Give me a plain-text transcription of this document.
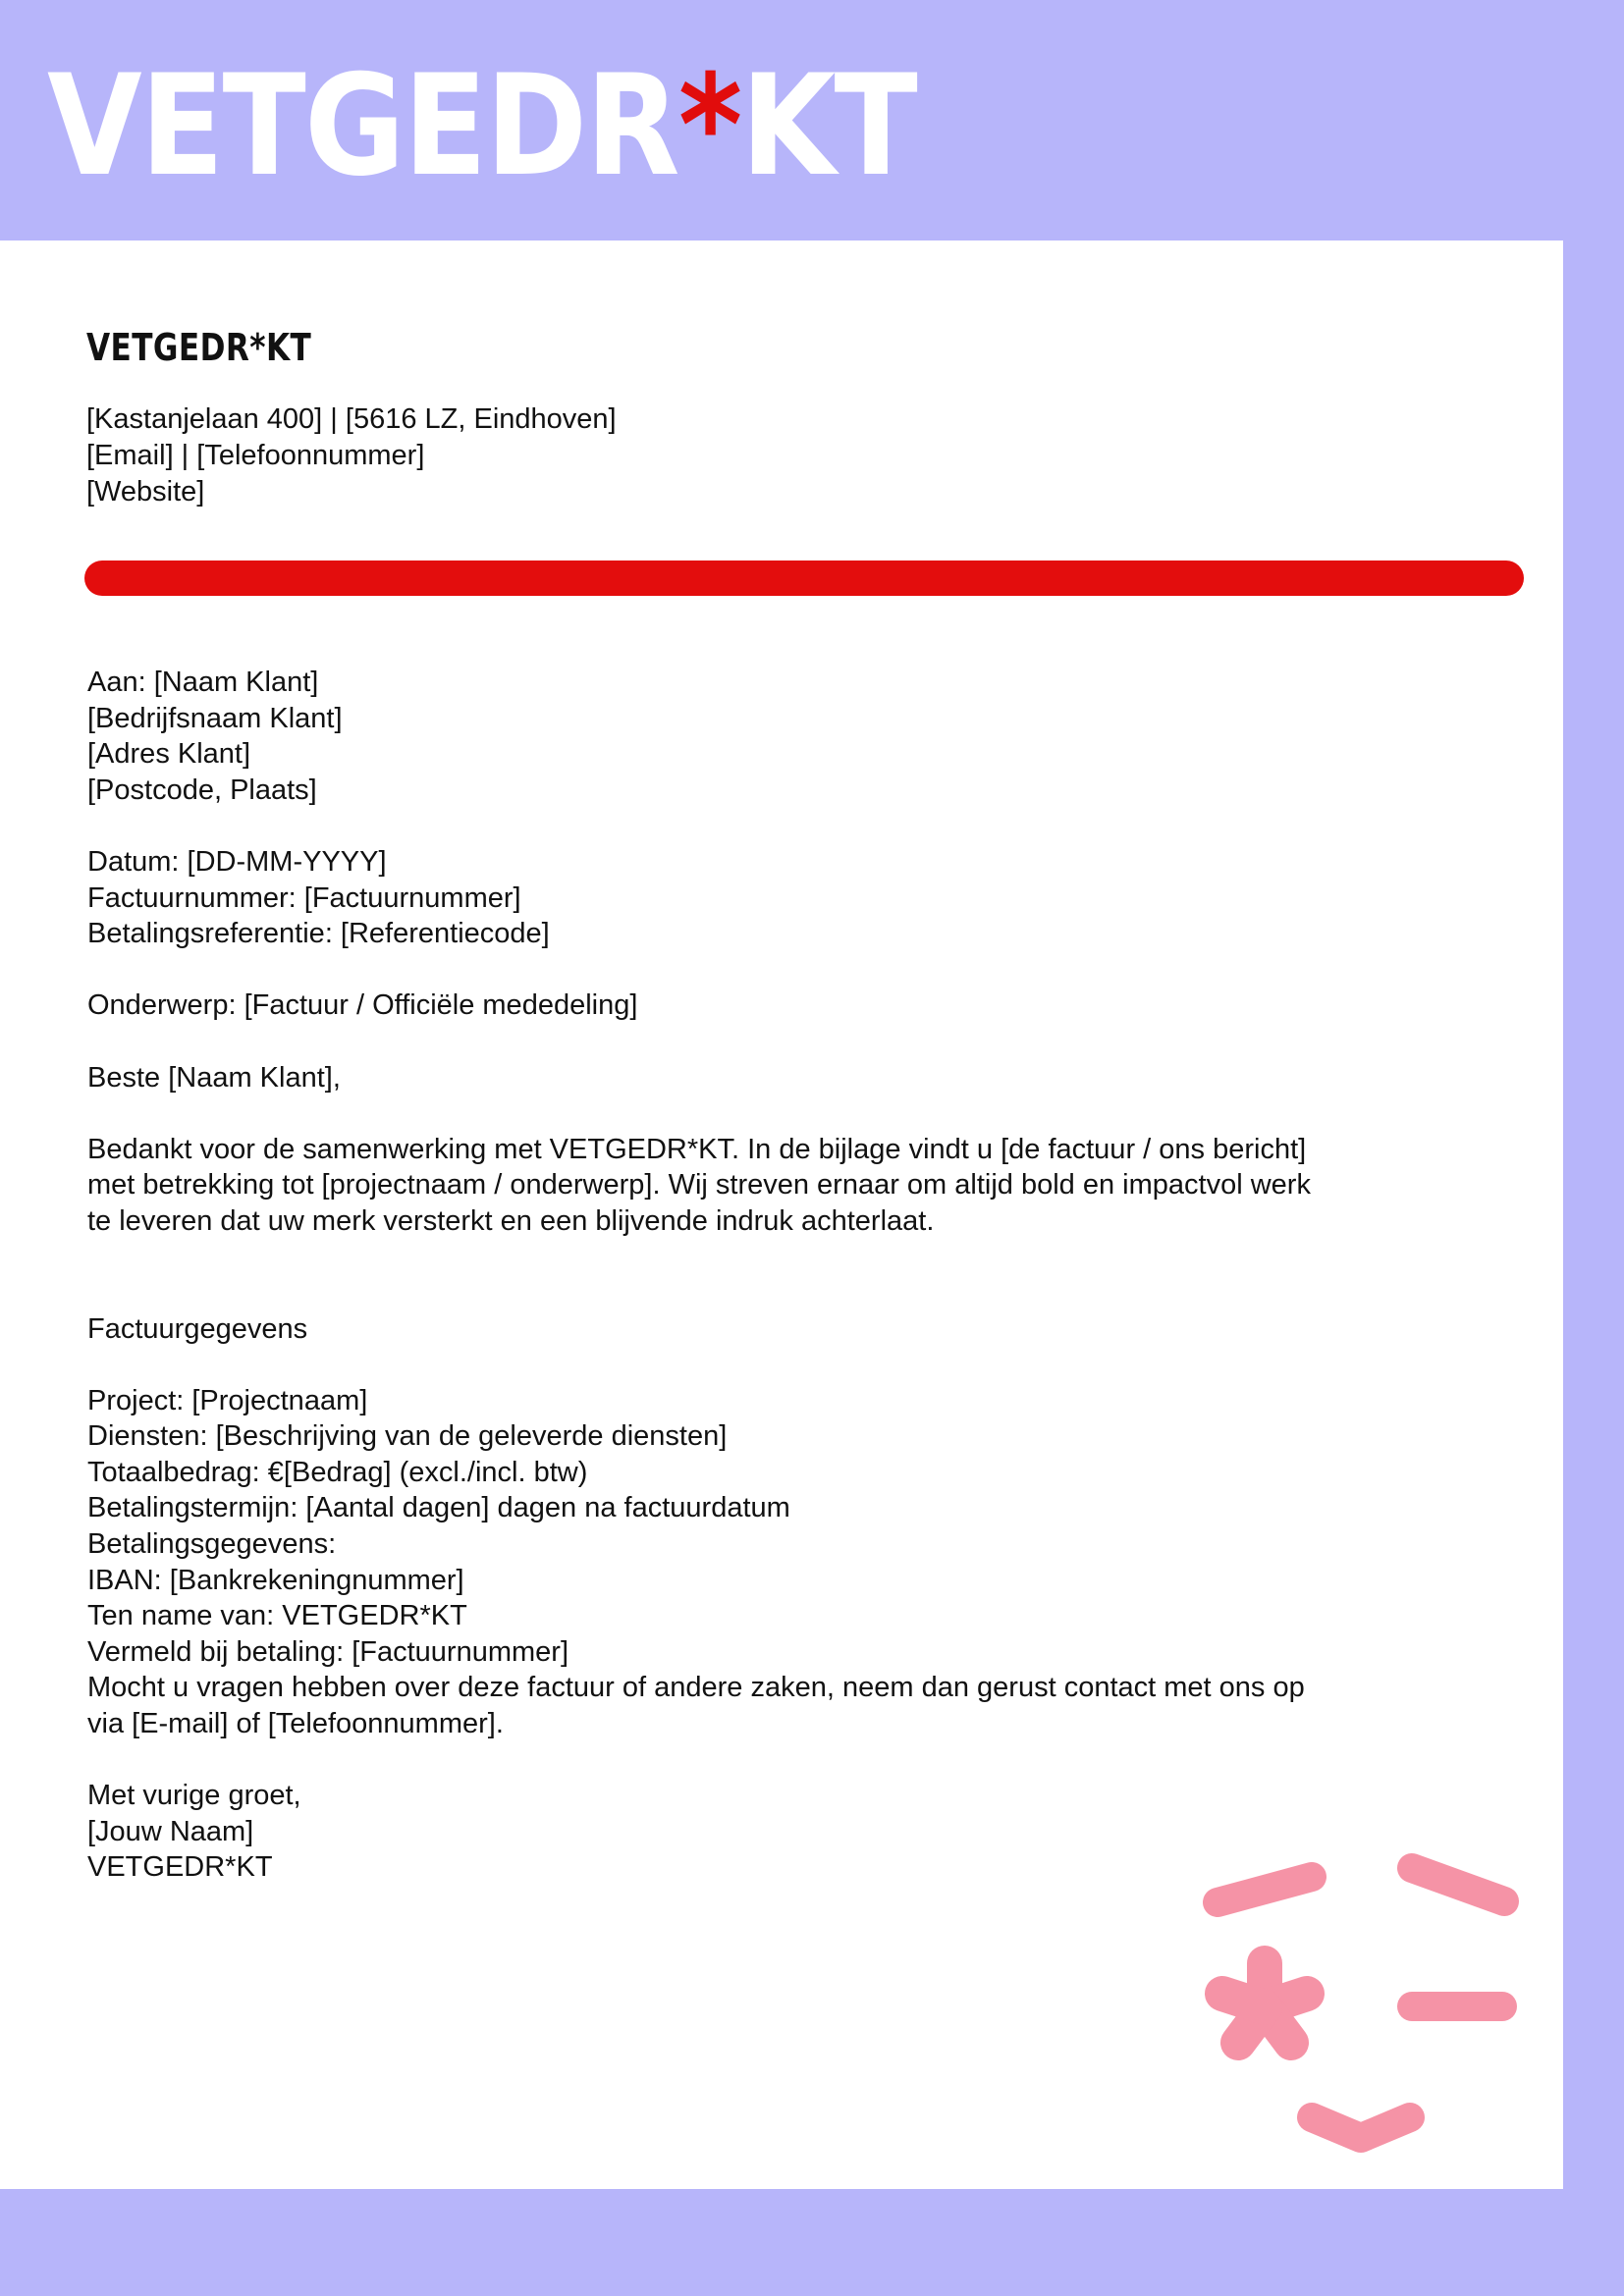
VETGEDR*KT
VETGEDR*KT
[Kastanjelaan 400] | [5616 LZ, Eindhoven]
[Email] | [Telefoonnummer]
[Website]
Aan: [Naam Klant]
[Bedrijfsnaam Klant]
[Adres Klant]
[Postcode, Plaats]
Datum: [DD-MM-YYYY]
Factuurnummer: [Factuurnummer]
Betalingsreferentie: [Referentiecode]
Onderwerp: [Factuur / Officiële mededeling]
Beste [Naam Klant],
Bedankt voor de samenwerking met VETGEDR*KT. In de bijlage vindt u [de factuur / ons bericht]
met betrekking tot [projectnaam / onderwerp]. Wij streven ernaar om altijd bold en impactvol werk
te leveren dat uw merk versterkt en een blijvende indruk achterlaat.
Factuurgegevens
Project: [Projectnaam]
Diensten: [Beschrijving van de geleverde diensten]
Totaalbedrag: €[Bedrag] (excl./incl. btw)
Betalingstermijn: [Aantal dagen] dagen na factuurdatum
Betalingsgegevens:
IBAN: [Bankrekeningnummer]
Ten name van: VETGEDR*KT
Vermeld bij betaling: [Factuurnummer]
Mocht u vragen hebben over deze factuur of andere zaken, neem dan gerust contact met ons op
via [E-mail] of [Telefoonnummer].
Met vurige groet,
[Jouw Naam]
VETGEDR*KT
